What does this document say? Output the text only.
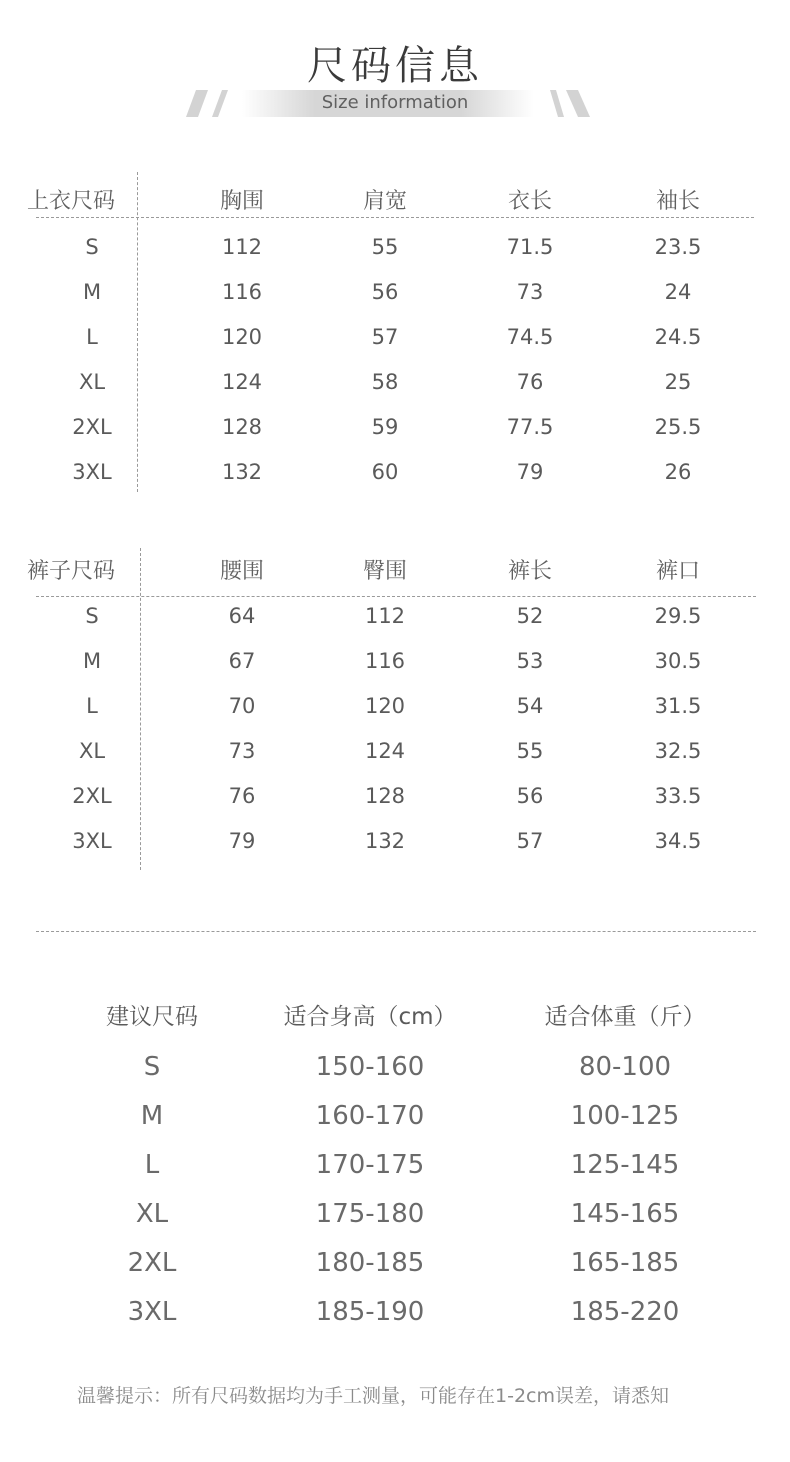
尺码信息
Size information
上衣尺码	胸围	肩宽	衣长	袖长
S	112	55	71.5	23.5
M	116	56	73	24
L	120	57	74.5	24.5
XL	124	58	76	25
2XL	128	59	77.5	25.5
3XL	132	60	79	26
裤子尺码	腰围	臀围	裤长	裤口
S	64	112	52	29.5
M	67	116	53	30.5
L	70	120	54	31.5
XL	73	124	55	32.5
2XL	76	128	56	33.5
3XL	79	132	57	34.5
建议尺码	适合身高（cm）	适合体重（斤）
S	150-160	80-100
M	160-170	100-125
L	170-175	125-145
XL	175-180	145-165
2XL	180-185	165-185
3XL	185-190	185-220
温馨提示：所有尺码数据均为手工测量，可能存在1-2cm误差，请悉知
